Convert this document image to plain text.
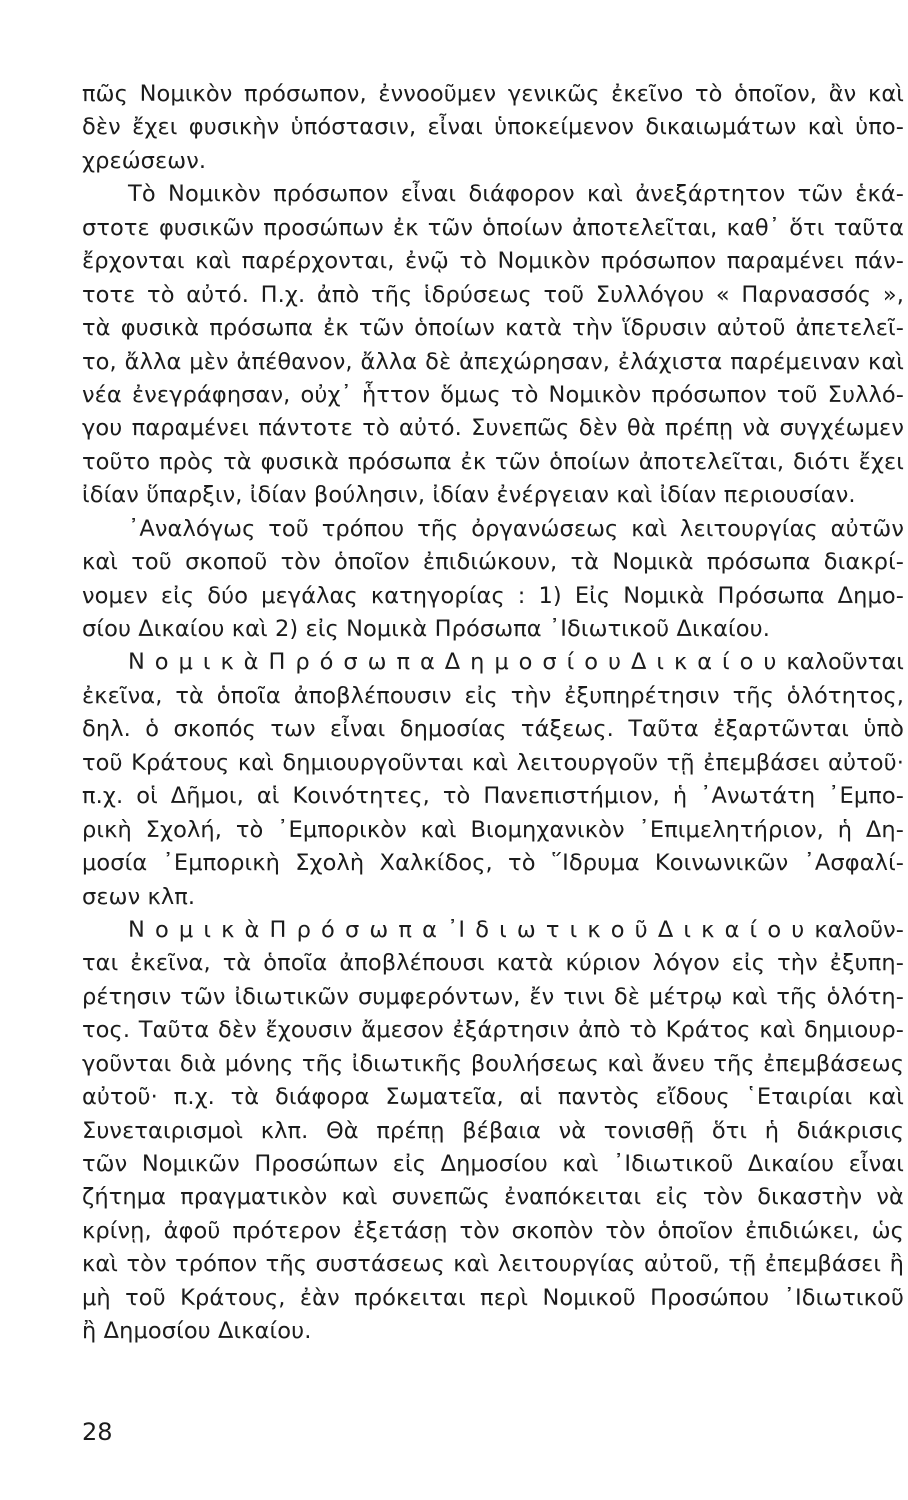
πῶς Νομικὸν πρόσωπον, ἐννοοῦμεν γενικῶς ἐκεῖνο τὸ ὁποῖον, ἂν καὶ
δὲν ἔχει φυσικὴν ὑπόστασιν, εἶναι ὑποκείμενον δικαιωμάτων καὶ ὑπο-
χρεώσεων.
Τὸ Νομικὸν πρόσωπον εἶναι διάφορον καὶ ἀνεξάρτητον τῶν ἑκά-
στοτε φυσικῶν προσώπων ἐκ τῶν ὁποίων ἀποτελεῖται, καθ᾽ ὅτι ταῦτα
ἔρχονται καὶ παρέρχονται, ἐνῷ τὸ Νομικὸν πρόσωπον παραμένει πάν-
τοτε τὸ αὐτό. Π.χ. ἀπὸ τῆς ἱδρύσεως τοῦ Συλλόγου « Παρνασσός »,
τὰ φυσικὰ πρόσωπα ἐκ τῶν ὁποίων κατὰ τὴν ἵδρυσιν αὐτοῦ ἀπετελεῖ-
το, ἄλλα μὲν ἀπέθανον, ἄλλα δὲ ἀπεχώρησαν, ἐλάχιστα παρέμειναν καὶ
νέα ἐνεγράφησαν, οὐχ᾽ ἧττον ὅμως τὸ Νομικὸν πρόσωπον τοῦ Συλλό-
γου παραμένει πάντοτε τὸ αὐτό. Συνεπῶς δὲν θὰ πρέπῃ νὰ συγχέωμεν
τοῦτο πρὸς τὰ φυσικὰ πρόσωπα ἐκ τῶν ὁποίων ἀποτελεῖται, διότι ἔχει
ἰδίαν ὕπαρξιν, ἰδίαν βούλησιν, ἰδίαν ἐνέργειαν καὶ ἰδίαν περιουσίαν.
᾽Αναλόγως τοῦ τρόπου τῆς ὀργανώσεως καὶ λειτουργίας αὐτῶν
καὶ τοῦ σκοποῦ τὸν ὁποῖον ἐπιδιώκουν, τὰ Νομικὰ πρόσωπα διακρί-
νομεν εἰς δύο μεγάλας κατηγορίας : 1) Εἰς Νομικὰ Πρόσωπα Δημο-
σίου Δικαίου καὶ 2) εἰς Νομικὰ Πρόσωπα ᾽Ιδιωτικοῦ Δικαίου.
Ν ο μ ι κ ὰ Π ρ ό σ ω π α Δ η μ ο σ ί ο υ Δ ι κ α ί ο υ καλοῦνται
ἐκεῖνα, τὰ ὁποῖα ἀποβλέπουσιν εἰς τὴν ἐξυπηρέτησιν τῆς ὁλότητος,
δηλ. ὁ σκοπός των εἶναι δημοσίας τάξεως. Ταῦτα ἐξαρτῶνται ὑπὸ
τοῦ Κράτους καὶ δημιουργοῦνται καὶ λειτουργοῦν τῇ ἐπεμβάσει αὐτοῦ·
π.χ. οἱ Δῆμοι, αἱ Κοινότητες, τὸ Πανεπιστήμιον, ἡ ᾽Ανωτάτη ᾽Εμπο-
ρικὴ Σχολή, τὸ ᾽Εμπορικὸν καὶ Βιομηχανικὸν ᾽Επιμελητήριον, ἡ Δη-
μοσία ᾽Εμπορικὴ Σχολὴ Χαλκίδος, τὸ ῞Ιδρυμα Κοινωνικῶν ᾽Ασφαλί-
σεων κλπ.
Ν ο μ ι κ ὰ Π ρ ό σ ω π α ᾽Ι δ ι ω τ ι κ ο ῦ Δ ι κ α ί ο υ καλοῦν-
ται ἐκεῖνα, τὰ ὁποῖα ἀποβλέπουσι κατὰ κύριον λόγον εἰς τὴν ἐξυπη-
ρέτησιν τῶν ἰδιωτικῶν συμφερόντων, ἔν τινι δὲ μέτρῳ καὶ τῆς ὁλότη-
τος. Ταῦτα δὲν ἔχουσιν ἄμεσον ἐξάρτησιν ἀπὸ τὸ Κράτος καὶ δημιουρ-
γοῦνται διὰ μόνης τῆς ἰδιωτικῆς βουλήσεως καὶ ἄνευ τῆς ἐπεμβάσεως
αὐτοῦ· π.χ. τὰ διάφορα Σωματεῖα, αἱ παντὸς εἴδους ῾Εταιρίαι καὶ
Συνεταιρισμοὶ κλπ. Θὰ πρέπῃ βέβαια νὰ τονισθῇ ὅτι ἡ διάκρισις
τῶν Νομικῶν Προσώπων εἰς Δημοσίου καὶ ᾽Ιδιωτικοῦ Δικαίου εἶναι
ζήτημα πραγματικὸν καὶ συνεπῶς ἐναπόκειται εἰς τὸν δικαστὴν νὰ
κρίνῃ, ἀφοῦ πρότερον ἐξετάσῃ τὸν σκοπὸν τὸν ὁποῖον ἐπιδιώκει, ὡς
καὶ τὸν τρόπον τῆς συστάσεως καὶ λειτουργίας αὐτοῦ, τῇ ἐπεμβάσει ἢ
μὴ τοῦ Κράτους, ἐὰν πρόκειται περὶ Νομικοῦ Προσώπου ᾽Ιδιωτικοῦ
ἢ Δημοσίου Δικαίου.
28
